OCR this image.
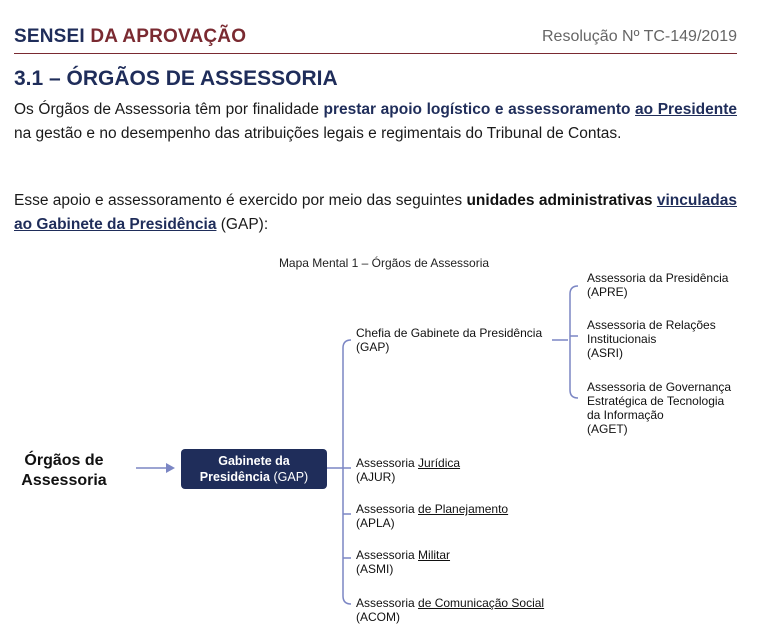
SENSEI DA APROVAÇÃO	Resolução Nº TC-149/2019
3.1 – ÓRGÃOS DE ASSESSORIA
Os Órgãos de Assessoria têm por finalidade prestar apoio logístico e assessoramento ao Presidente na gestão e no desempenho das atribuições legais e regimentais do Tribunal de Contas.
Esse apoio e assessoramento é exercido por meio das seguintes unidades administrativas vinculadas ao Gabinete da Presidência (GAP):
Mapa Mental 1 – Órgãos de Assessoria
Órgãos de
Assessoria
Gabinete da
Presidência (GAP)
Chefia de Gabinete da Presidência
(GAP)
Assessoria da Presidência
(APRE)
Assessoria de Relações
Institucionais
(ASRI)
Assessoria de Governança
Estratégica de Tecnologia
da Informação
(AGET)
Assessoria Jurídica
(AJUR)
Assessoria de Planejamento
(APLA)
Assessoria Militar
(ASMI)
Assessoria de Comunicação Social
(ACOM)
